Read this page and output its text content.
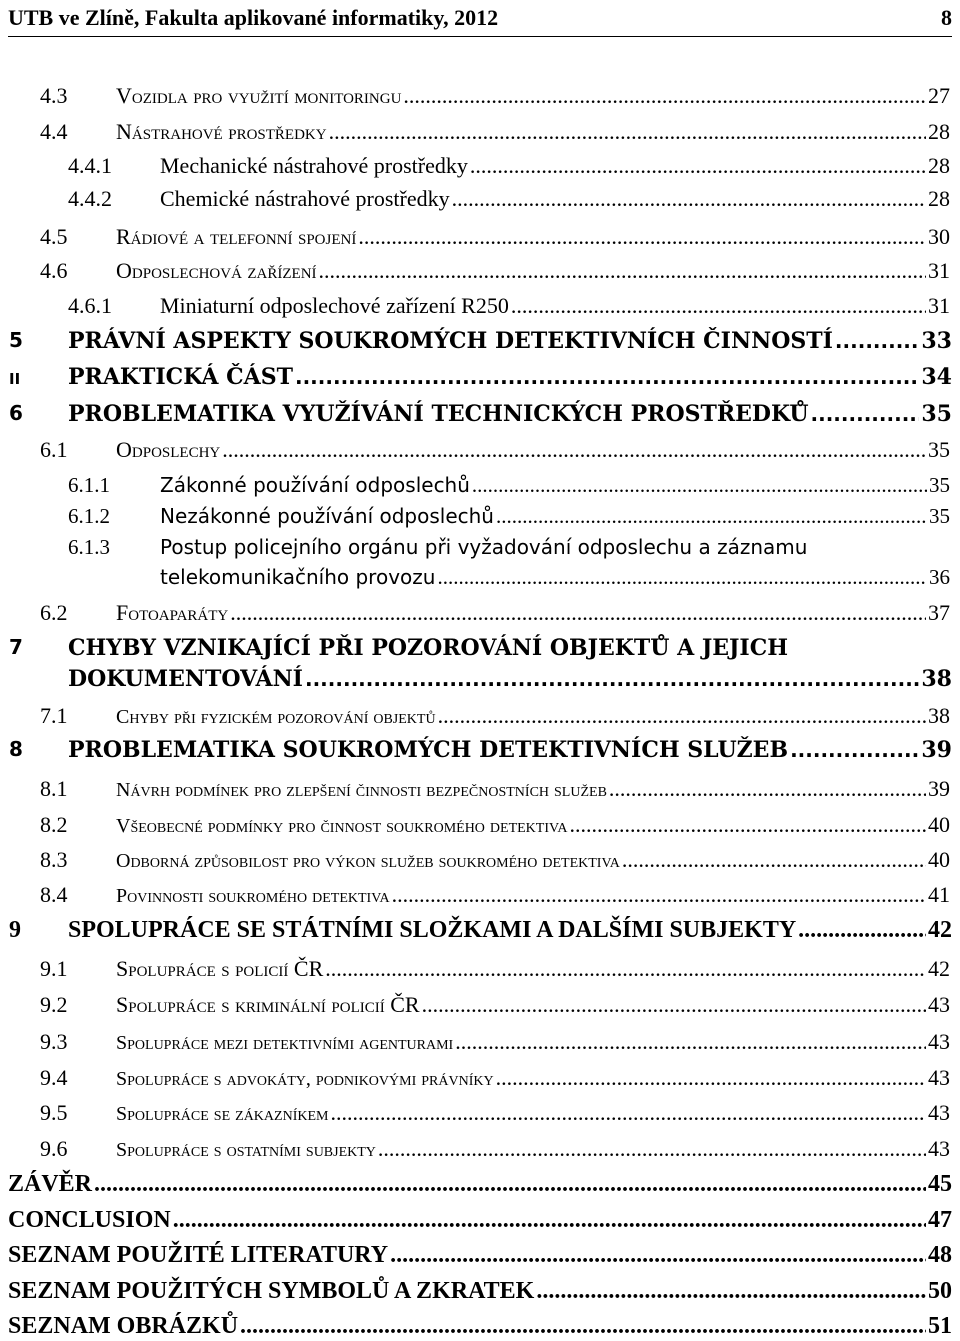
UTB ve Zlíně, Fakulta aplikované informatiky, 2012	8
4.3 Vozidla pro využití monitoringu .....	27
4.4 Nástrahové prostředky .....	28
4.4.1 Mechanické nástrahové prostředky .....	28
4.4.2 Chemické nástrahové prostředky .....	28
4.5 Rádiové a telefonní spojení .....	30
4.6 Odposlechová zařízení .....	31
4.6.1 Miniaturní odposlechové zařízení R250 .....	31
5 PRÁVNÍ ASPEKTY SOUKROMÝCH DETEKTIVNÍCH ČINNOSTÍ .....	33
II PRAKTICKÁ ČÁST .....	34
6 PROBLEMATIKA VYUŽÍVÁNÍ TECHNICKÝCH PROSTŘEDKŮ .....	35
6.1 Odposlechy .....	35
6.1.1	Zákonné používání odposlechů .....	35
6.1.2	Nezákonné používání odposlechů .....	35
6.1.3	Postup policejního orgánu při vyžadování odposlechu a záznamu
telekomunikačního provozu .....	36
6.2 Fotoaparáty .....	37
7 CHYBY VZNIKAJÍCÍ PŘI POZOROVÁNÍ OBJEKTŮ A JEJICH
DOKUMENTOVÁNÍ .....	38
7.1 Chyby při fyzickém pozorování objektů .....	38
8 PROBLEMATIKA SOUKROMÝCH DETEKTIVNÍCH SLUŽEB .....	39
8.1 Návrh podmínek pro zlepšení činnosti bezpečnostních služeb .....	39
8.2 Všeobecné podmínky pro činnost soukromého detektiva .....	40
8.3 Odborná způsobilost pro výkon služeb soukromého detektiva .....	40
8.4 Povinnosti soukromého detektiva .....	41
9 SPOLUPRÁCE SE STÁTNÍMI SLOŽKAMI A DALŠÍMI SUBJEKTY .....	42
9.1 Spolupráce s policií ČR .....	42
9.2 Spolupráce s kriminální policií ČR .....	43
9.3 Spolupráce mezi detektivními agenturami .....	43
9.4 Spolupráce s advokáty, podnikovými právníky .....	43
9.5 Spolupráce se zákazníkem .....	43
9.6 Spolupráce s ostatními subjekty .....	43
ZÁVĚR .....	45
CONCLUSION .....	47
SEZNAM POUŽITÉ LITERATURY .....	48
SEZNAM POUŽITÝCH SYMBOLŮ A ZKRATEK .....	50
SEZNAM OBRÁZKŮ .....	51
